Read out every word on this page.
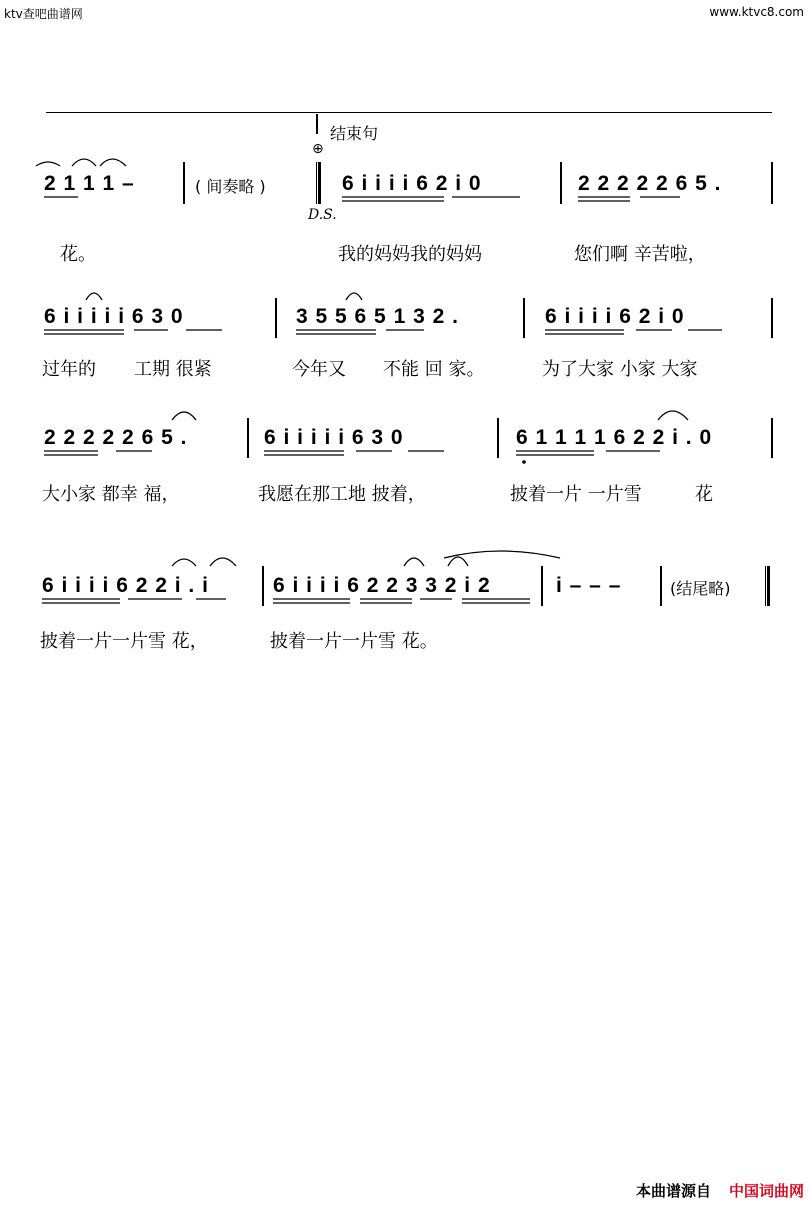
ktv查吧曲谱网	www.ktvc8.com
结束句
⊕
2 1 1 1 –	( 间奏略 )
D.S.
6 i i i i 6 2 i 0	2 2 2 2 2 6 5 .
花。	我的妈妈我的妈妈	您们啊 辛苦啦，
6 i i i i i 6 3 0	3 5 5 6 5 1 3 2 .	6 i i i i 6 2 i 0
过年的 工期 很紧	今年又 不能 回 家。	为了大家 小家 大家
2 2 2 2 2 6 5 .	6 i i i i i 6 3 0	6 1 1 1 1 6 2 2 i . 0
大小家 都幸 福，	我愿在那工地 披着，	披着一片 一片雪	花
6 i i i i 6 2 2 i . i	6 i i i i 6 2 2 3 3 2 i 2	i – – –	(结尾略)
披着一片一片雪 花，	披着一片一片雪 花。
本曲谱源自 中国词曲网
